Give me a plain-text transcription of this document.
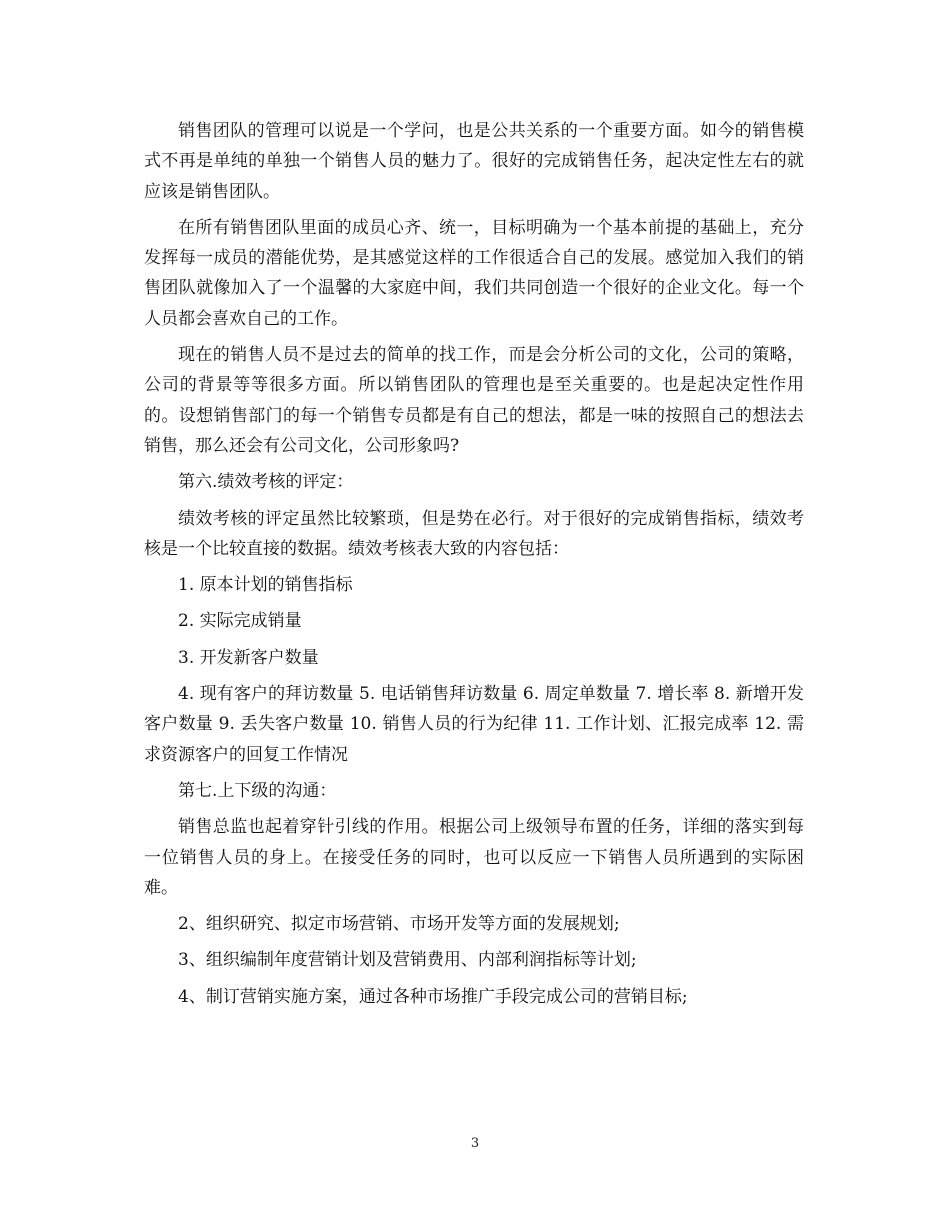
销售团队的管理可以说是一个学问，也是公共关系的一个重要方面。如今的销售模式不再是单纯的单独一个销售人员的魅力了。很好的完成销售任务，起决定性左右的就应该是销售团队。

在所有销售团队里面的成员心齐、统一，目标明确为一个基本前提的基础上，充分发挥每一成员的潜能优势，是其感觉这样的工作很适合自己的发展。感觉加入我们的销售团队就像加入了一个温馨的大家庭中间，我们共同创造一个很好的企业文化。每一个人员都会喜欢自己的工作。

现在的销售人员不是过去的简单的找工作，而是会分析公司的文化，公司的策略，公司的背景等等很多方面。所以销售团队的管理也是至关重要的。也是起决定性作用的。设想销售部门的每一个销售专员都是有自己的想法，都是一味的按照自己的想法去销售，那么还会有公司文化，公司形象吗?

第六.绩效考核的评定：

绩效考核的评定虽然比较繁琐，但是势在必行。对于很好的完成销售指标，绩效考核是一个比较直接的数据。绩效考核表大致的内容包括：

1. 原本计划的销售指标

2. 实际完成销量

3. 开发新客户数量

4. 现有客户的拜访数量 5. 电话销售拜访数量 6. 周定单数量 7. 增长率 8. 新增开发客户数量 9. 丢失客户数量 10. 销售人员的行为纪律 11. 工作计划、汇报完成率 12. 需求资源客户的回复工作情况

第七.上下级的沟通：

销售总监也起着穿针引线的作用。根据公司上级领导布置的任务，详细的落实到每一位销售人员的身上。在接受任务的同时，也可以反应一下销售人员所遇到的实际困难。

2、组织研究、拟定市场营销、市场开发等方面的发展规划;

3、组织编制年度营销计划及营销费用、内部利润指标等计划;

4、制订营销实施方案，通过各种市场推广手段完成公司的营销目标;

3
